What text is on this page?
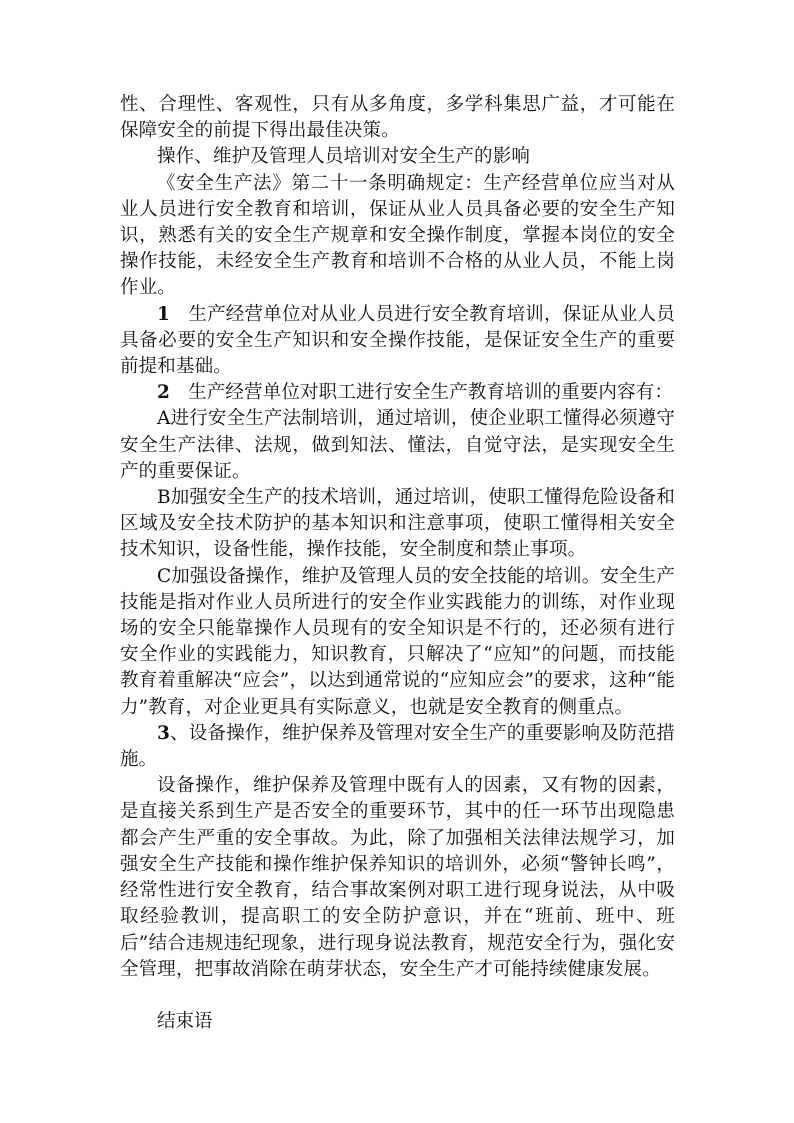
性、合理性、客观性，只有从多角度，多学科集思广益，才可能在保障安全的前提下得出最佳决策。

操作、维护及管理人员培训对安全生产的影响

《安全生产法》第二十一条明确规定：生产经营单位应当对从业人员进行安全教育和培训，保证从业人员具备必要的安全生产知识，熟悉有关的安全生产规章和安全操作制度，掌握本岗位的安全操作技能，未经安全生产教育和培训不合格的从业人员，不能上岗作业。

1 生产经营单位对从业人员进行安全教育培训，保证从业人员具备必要的安全生产知识和安全操作技能，是保证安全生产的重要前提和基础。

2 生产经营单位对职工进行安全生产教育培训的重要内容有：

A进行安全生产法制培训，通过培训，使企业职工懂得必须遵守安全生产法律、法规，做到知法、懂法，自觉守法，是实现安全生产的重要保证。

B加强安全生产的技术培训，通过培训，使职工懂得危险设备和区域及安全技术防护的基本知识和注意事项，使职工懂得相关安全技术知识，设备性能，操作技能，安全制度和禁止事项。

C加强设备操作，维护及管理人员的安全技能的培训。安全生产技能是指对作业人员所进行的安全作业实践能力的训练，对作业现场的安全只能靠操作人员现有的安全知识是不行的，还必须有进行安全作业的实践能力，知识教育，只解决了“应知”的问题，而技能教育着重解决“应会”，以达到通常说的“应知应会”的要求，这种“能力”教育，对企业更具有实际意义，也就是安全教育的侧重点。

3、设备操作，维护保养及管理对安全生产的重要影响及防范措施。

设备操作，维护保养及管理中既有人的因素，又有物的因素，是直接关系到生产是否安全的重要环节，其中的任一环节出现隐患都会产生严重的安全事故。为此，除了加强相关法律法规学习，加强安全生产技能和操作维护保养知识的培训外，必须“警钟长鸣”，经常性进行安全教育，结合事故案例对职工进行现身说法，从中吸取经验教训，提高职工的安全防护意识，并在“班前、班中、班后”结合违规违纪现象，进行现身说法教育，规范安全行为，强化安全管理，把事故消除在萌芽状态，安全生产才可能持续健康发展。

结束语
